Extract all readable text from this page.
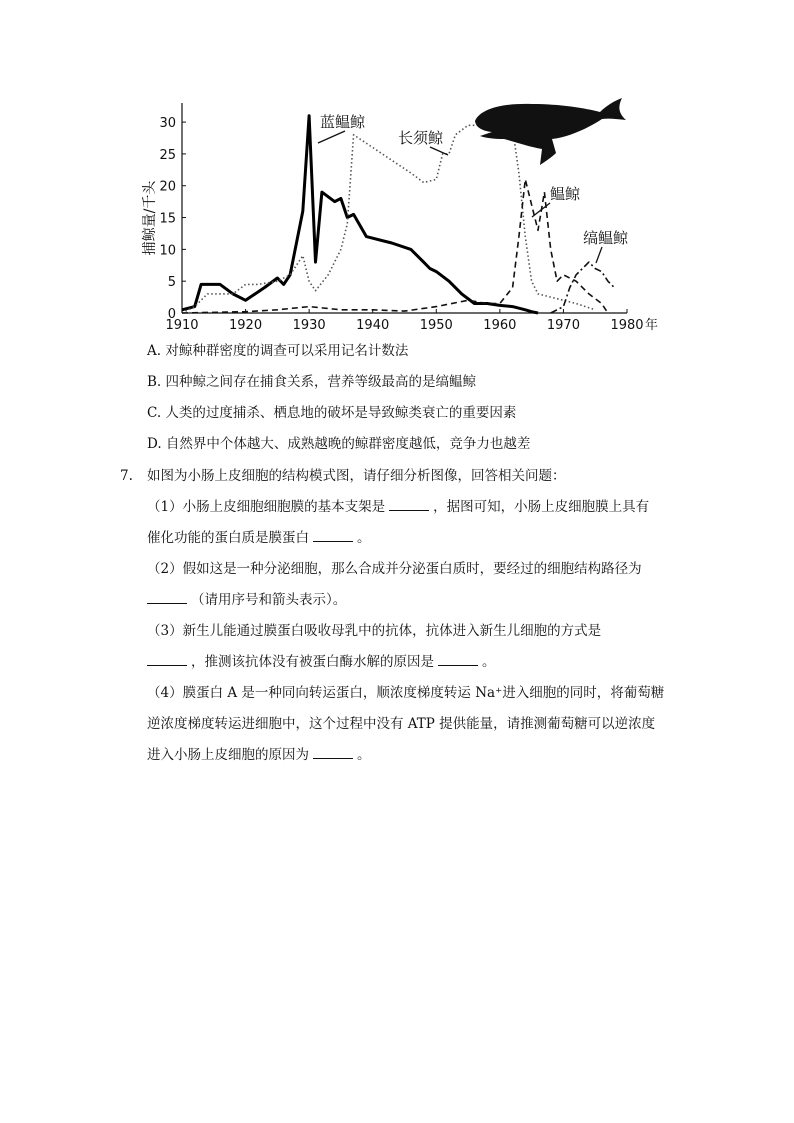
0
5
10
15
20
25
30
1910 1920 1930 1940 1950 1960 1970 1980 年
捕鲸量/千头
蓝鳁鲸
长须鲸
鳁鲸
缟鳁鲸
A. 对鲸种群密度的调查可以采用记名计数法
B. 四种鲸之间存在捕食关系，营养等级最高的是缟鳁鲸
C. 人类的过度捕杀、栖息地的破坏是导致鲸类衰亡的重要因素
D. 自然界中个体越大、成熟越晚的鲸群密度越低，竞争力也越差
7. 如图为小肠上皮细胞的结构模式图，请仔细分析图像，回答相关问题：
（1）小肠上皮细胞细胞膜的基本支架是	，据图可知，小肠上皮细胞膜上具有
催化功能的蛋白质是膜蛋白	。
（2）假如这是一种分泌细胞，那么合成并分泌蛋白质时，要经过的细胞结构路径为
（请用序号和箭头表示）。
（3）新生儿能通过膜蛋白吸收母乳中的抗体，抗体进入新生儿细胞的方式是
，推测该抗体没有被蛋白酶水解的原因是	。
（4）膜蛋白 A 是一种同向转运蛋白，顺浓度梯度转运 Na⁺进入细胞的同时，将葡萄糖
逆浓度梯度转运进细胞中，这个过程中没有 ATP 提供能量，请推测葡萄糖可以逆浓度
进入小肠上皮细胞的原因为	。
